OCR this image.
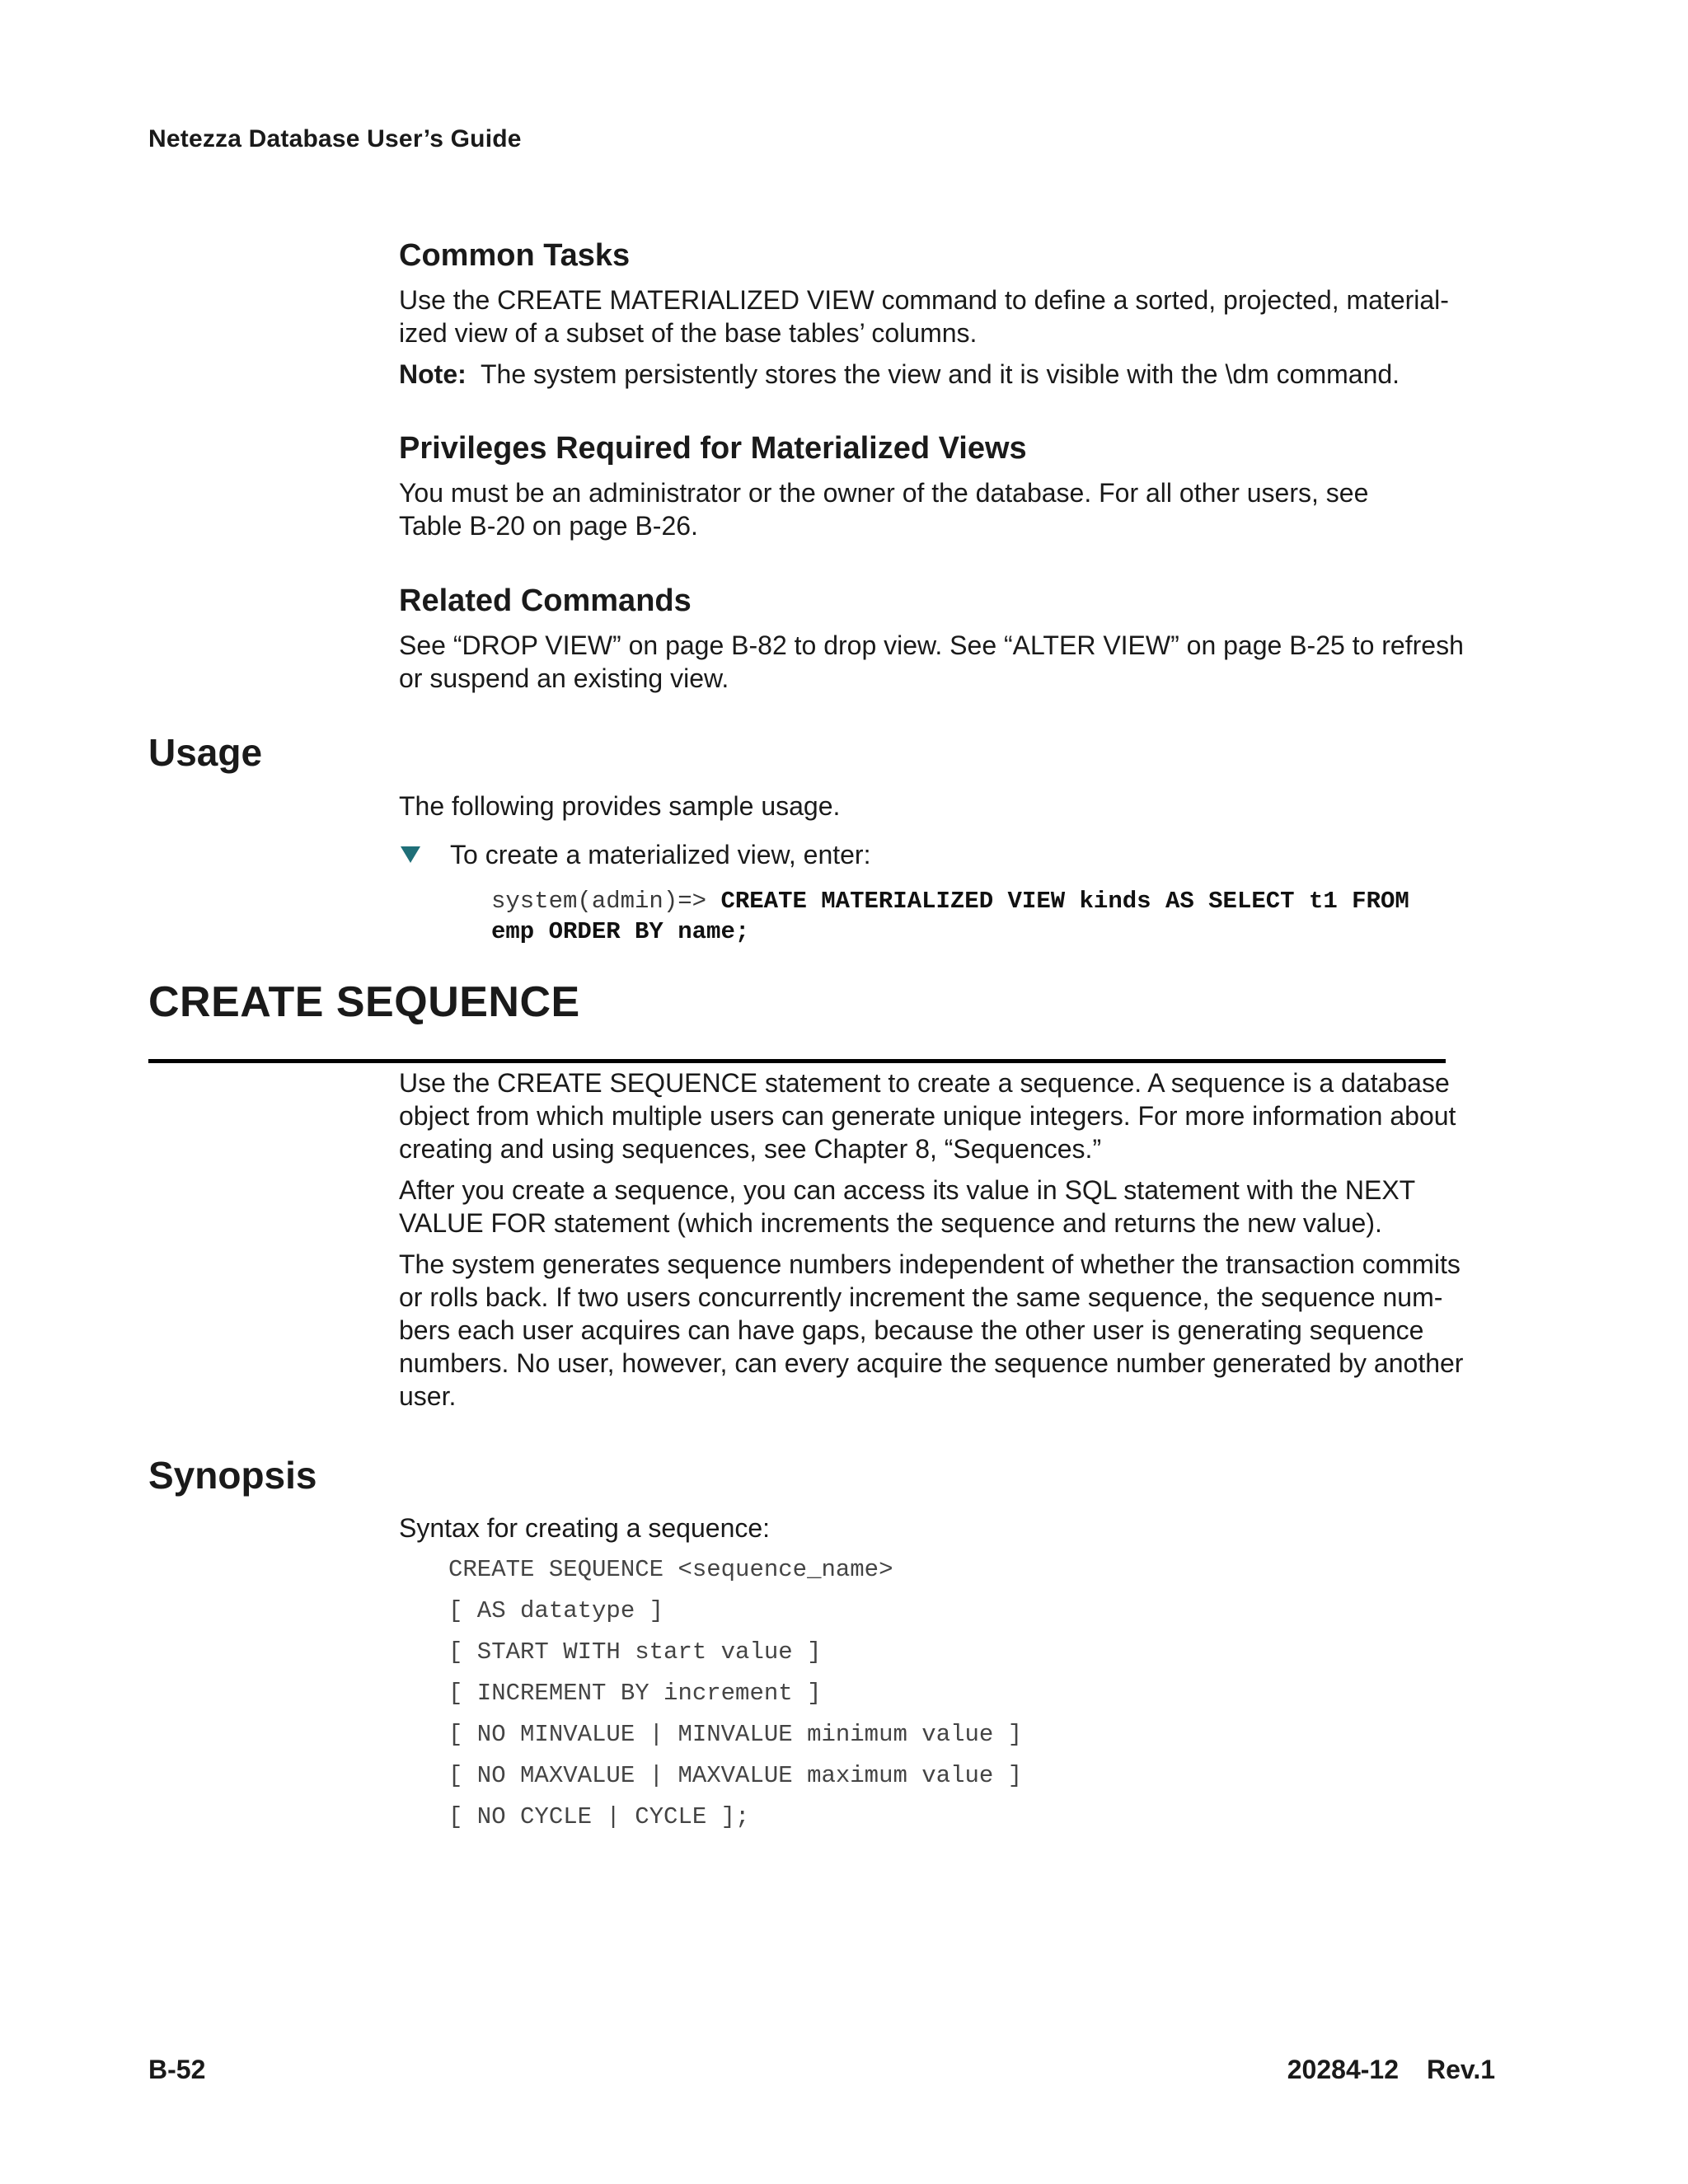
Netezza Database User’s Guide
Common Tasks

Use the CREATE MATERIALIZED VIEW command to define a sorted, projected, material-

ized view of a subset of the base tables’ columns.

Note: The system persistently stores the view and it is visible with the \dm command.

Privileges Required for Materialized Views

You must be an administrator or the owner of the database. For all other users, see

Table B-20 on page B-26.

Related Commands

See “DROP VIEW” on page B-82 to drop view. See “ALTER VIEW” on page B-25 to refresh

or suspend an existing view.

Usage

The following provides sample usage.

To create a materialized view, enter:
system(admin)=> CREATE MATERIALIZED VIEW kinds AS SELECT t1 FROM
emp ORDER BY name;
CREATE SEQUENCE

Use the CREATE SEQUENCE statement to create a sequence. A sequence is a database

object from which multiple users can generate unique integers. For more information about

creating and using sequences, see Chapter 8, “Sequences.”

After you create a sequence, you can access its value in SQL statement with the NEXT

VALUE FOR statement (which increments the sequence and returns the new value).

The system generates sequence numbers independent of whether the transaction commits

or rolls back. If two users concurrently increment the same sequence, the sequence num-

bers each user acquires can have gaps, because the other user is generating sequence

numbers. No user, however, can every acquire the sequence number generated by another

user.

Synopsis

Syntax for creating a sequence:

CREATE SEQUENCE <sequence_name>
[ AS datatype ]
[ START WITH start value ]
[ INCREMENT BY increment ]
[ NO MINVALUE | MINVALUE minimum value ]
[ NO MAXVALUE | MAXVALUE maximum value ]
[ NO CYCLE | CYCLE ];
B-52	20284-12 Rev.1
